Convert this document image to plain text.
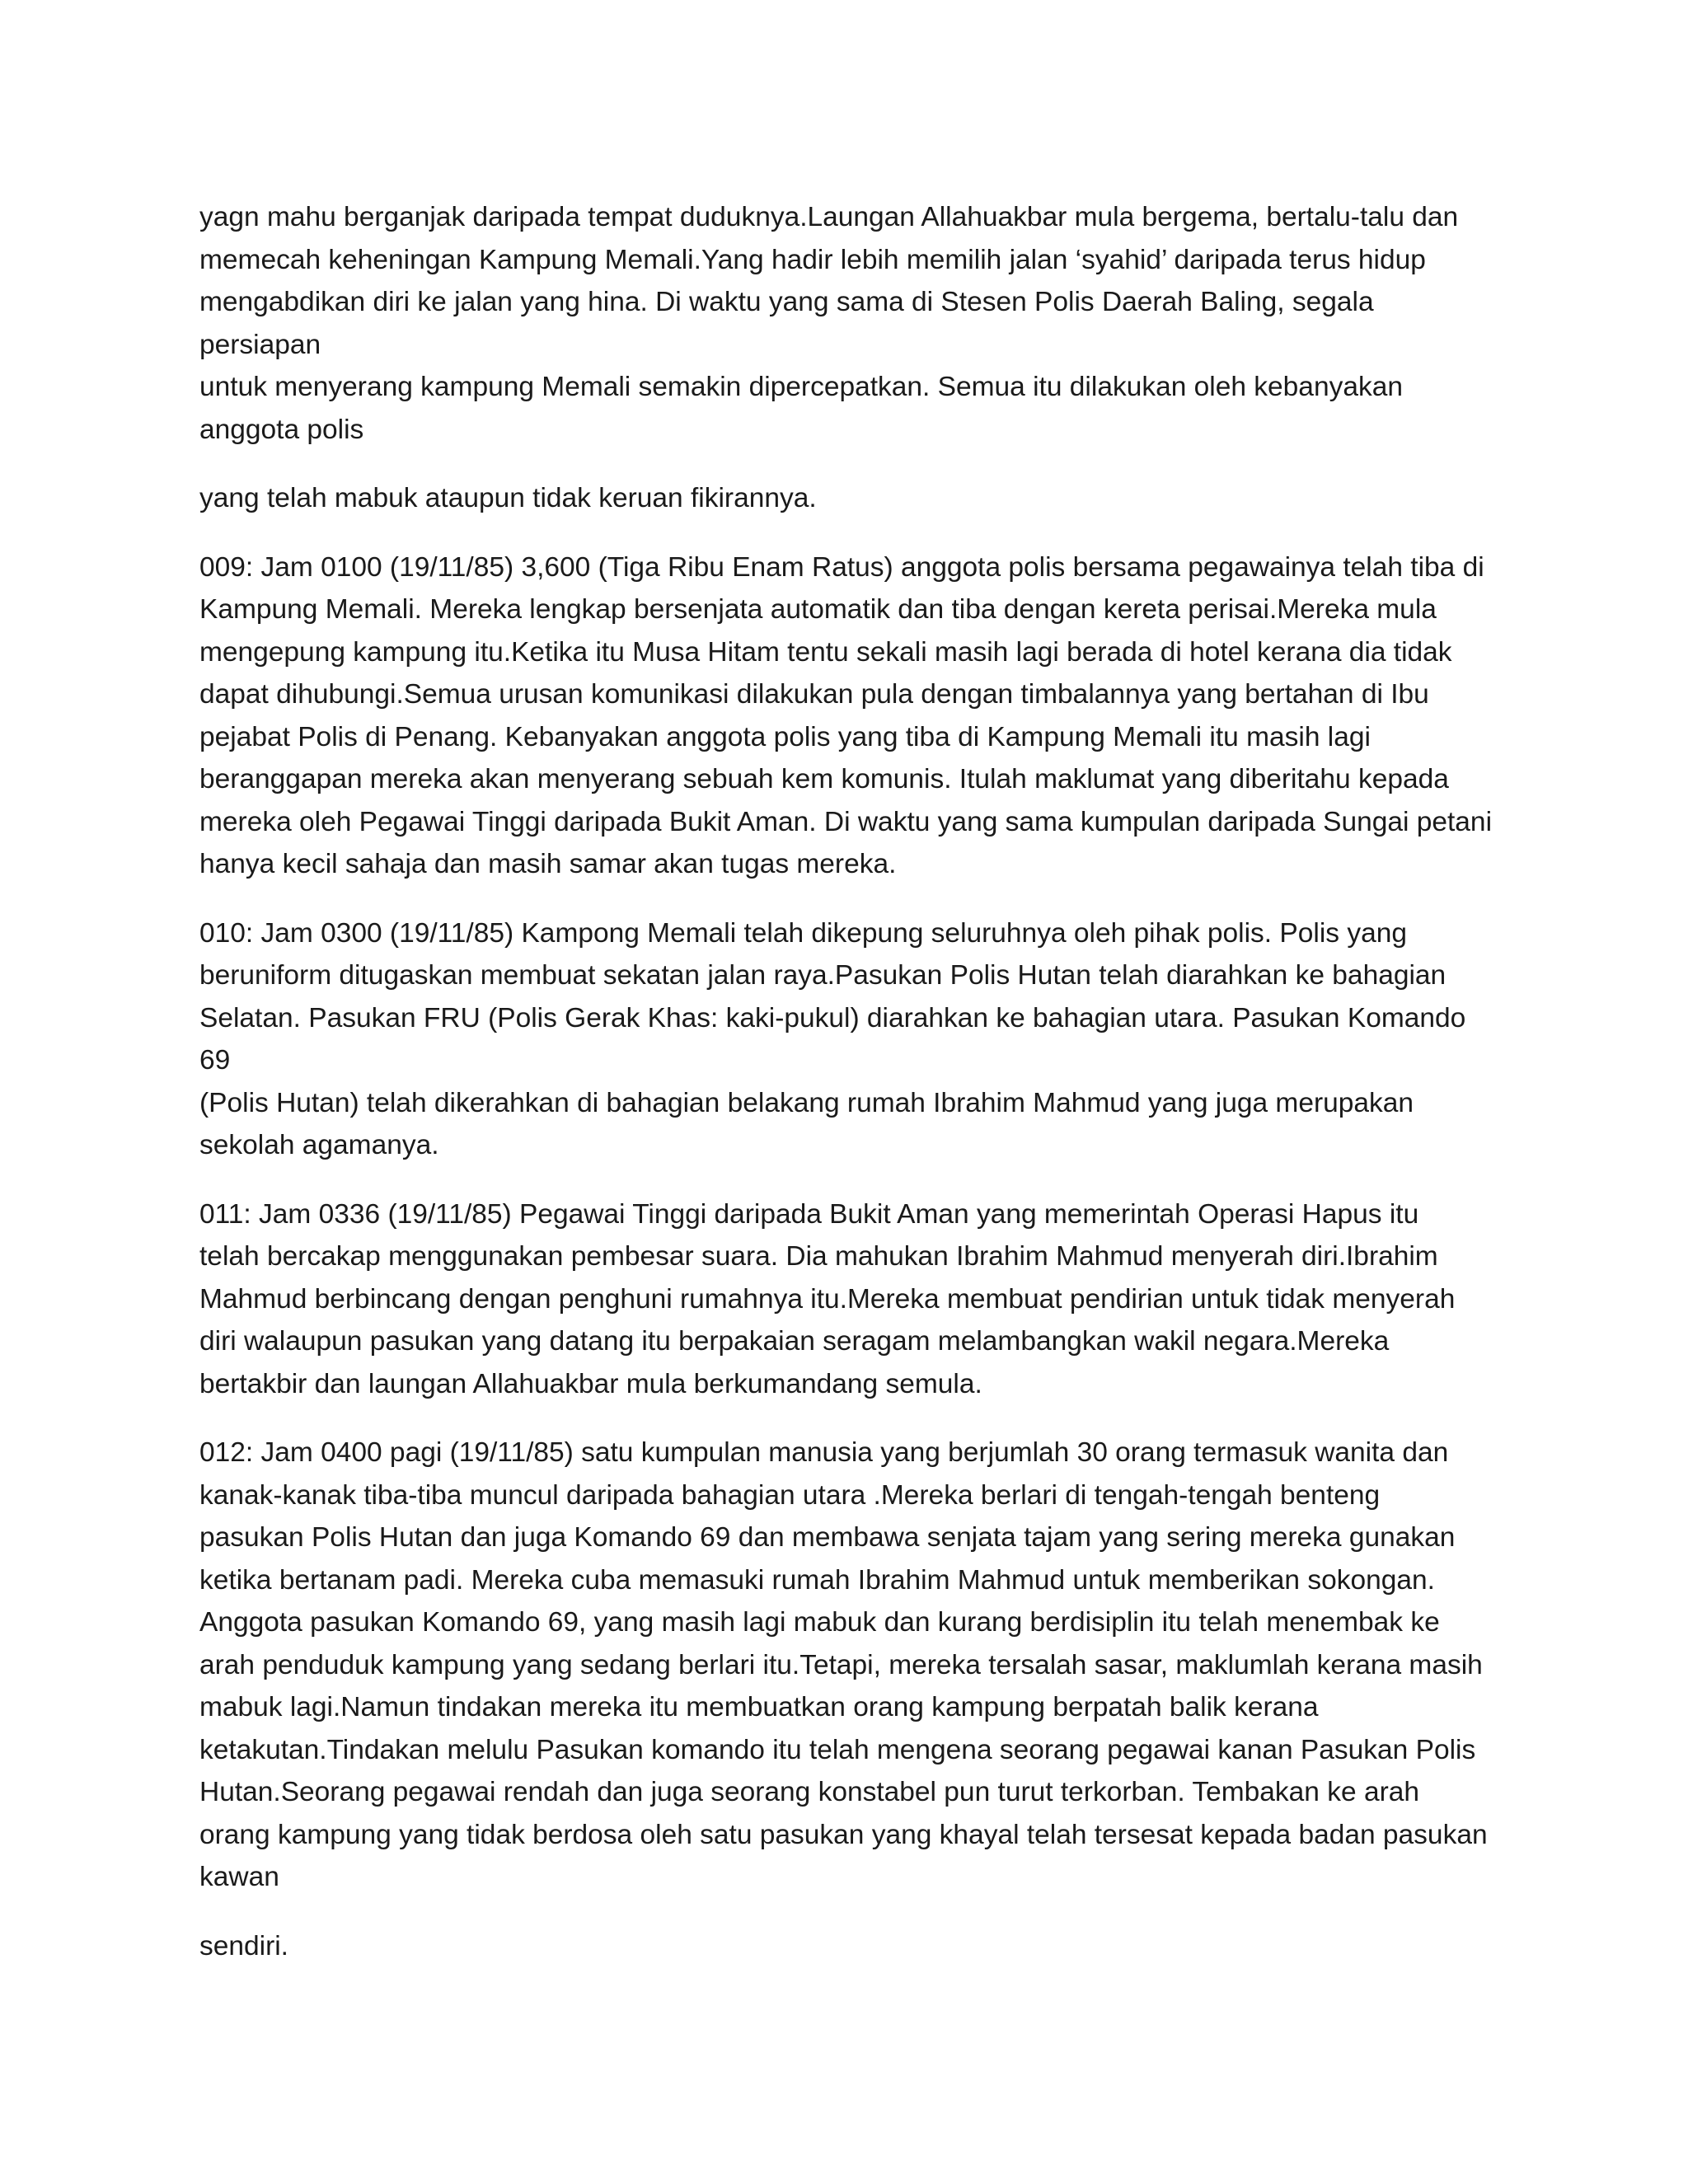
yagn mahu berganjak daripada tempat duduknya.Laungan Allahuakbar mula bergema, bertalu-talu dan
memecah keheningan Kampung Memali.Yang hadir lebih memilih jalan ‘syahid’ daripada terus hidup
mengabdikan diri ke jalan yang hina. Di waktu yang sama di Stesen Polis Daerah Baling, segala persiapan
untuk menyerang kampung Memali semakin dipercepatkan. Semua itu dilakukan oleh kebanyakan
anggota polis

yang telah mabuk ataupun tidak keruan fikirannya.

009: Jam 0100 (19/11/85) 3,600 (Tiga Ribu Enam Ratus) anggota polis bersama pegawainya telah tiba di
Kampung Memali. Mereka lengkap bersenjata automatik dan tiba dengan kereta perisai.Mereka mula
mengepung kampung itu.Ketika itu Musa Hitam tentu sekali masih lagi berada di hotel kerana dia tidak
dapat dihubungi.Semua urusan komunikasi dilakukan pula dengan timbalannya yang bertahan di Ibu
pejabat Polis di Penang. Kebanyakan anggota polis yang tiba di Kampung Memali itu masih lagi
beranggapan mereka akan menyerang sebuah kem komunis. Itulah maklumat yang diberitahu kepada
mereka oleh Pegawai Tinggi daripada Bukit Aman. Di waktu yang sama kumpulan daripada Sungai petani
hanya kecil sahaja dan masih samar akan tugas mereka.

010: Jam 0300 (19/11/85) Kampong Memali telah dikepung seluruhnya oleh pihak polis. Polis yang
beruniform ditugaskan membuat sekatan jalan raya.Pasukan Polis Hutan telah diarahkan ke bahagian
Selatan. Pasukan FRU (Polis Gerak Khas: kaki-pukul) diarahkan ke bahagian utara. Pasukan Komando 69
(Polis Hutan) telah dikerahkan di bahagian belakang rumah Ibrahim Mahmud yang juga merupakan
sekolah agamanya.

011: Jam 0336 (19/11/85) Pegawai Tinggi daripada Bukit Aman yang memerintah Operasi Hapus itu
telah bercakap menggunakan pembesar suara. Dia mahukan Ibrahim Mahmud menyerah diri.Ibrahim
Mahmud berbincang dengan penghuni rumahnya itu.Mereka membuat pendirian untuk tidak menyerah
diri walaupun pasukan yang datang itu berpakaian seragam melambangkan wakil negara.Mereka
bertakbir dan laungan Allahuakbar mula berkumandang semula.

012: Jam 0400 pagi (19/11/85) satu kumpulan manusia yang berjumlah 30 orang termasuk wanita dan
kanak-kanak tiba-tiba muncul daripada bahagian utara .Mereka berlari di tengah-tengah benteng
pasukan Polis Hutan dan juga Komando 69 dan membawa senjata tajam yang sering mereka gunakan
ketika bertanam padi. Mereka cuba memasuki rumah Ibrahim Mahmud untuk memberikan sokongan.
Anggota pasukan Komando 69, yang masih lagi mabuk dan kurang berdisiplin itu telah menembak ke
arah penduduk kampung yang sedang berlari itu.Tetapi, mereka tersalah sasar, maklumlah kerana masih
mabuk lagi.Namun tindakan mereka itu membuatkan orang kampung berpatah balik kerana
ketakutan.Tindakan melulu Pasukan komando itu telah mengena seorang pegawai kanan Pasukan Polis
Hutan.Seorang pegawai rendah dan juga seorang konstabel pun turut terkorban. Tembakan ke arah
orang kampung yang tidak berdosa oleh satu pasukan yang khayal telah tersesat kepada badan pasukan
kawan

sendiri.
